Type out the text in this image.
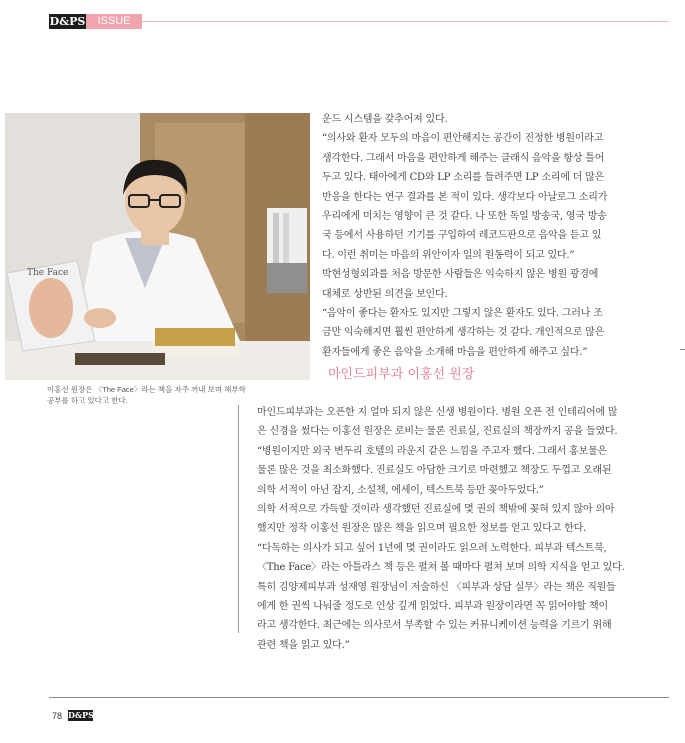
D&PS	ISSUE
The Face
이홍선 원장은 〈The Face〉라는 책을 자주 꺼내 보며 해부학
공부를 하고 있다고 한다.

운드 시스템을 갖추어져 있다.

“의사와 환자 모두의 마음이 편안해지는 공간이 진정한 병원이라고

생각한다. 그래서 마음을 편안하게 해주는 클래식 음악을 항상 틀어

두고 있다. 태아에게 CD와 LP 소리를 들려주면 LP 소리에 더 많은

반응을 한다는 연구 결과를 본 적이 있다. 생각보다 아날로그 소리가

우리에게 미치는 영향이 큰 것 같다. 나 또한 독일 방송국, 영국 방송

국 등에서 사용하던 기기를 구입하여 레코드판으로 음악을 듣고 있

다. 이런 취미는 마음의 위안이자 일의 원동력이 되고 있다.”

박현성형외과를 처음 방문한 사람들은 익숙하지 않은 병원 광경에

대체로 상반된 의견을 보인다.

“음악이 좋다는 환자도 있지만 그렇지 않은 환자도 있다. 그러나 조

금만 익숙해지면 훨씬 편안하게 생각하는 것 같다. 개인적으로 많은

환자들에게 좋은 음악을 소개해 마음을 편안하게 해주고 싶다.”

마인드피부과 이홍선 원장

마인드피부과는 오픈한 지 얼마 되지 않은 신생 병원이다. 병원 오픈 전 인테리어에 많

은 신경을 썼다는 이홍선 원장은 로비는 물론 진료실, 진료실의 책장까지 공을 들였다.

“병원이지만 외국 변두리 호텔의 라운지 같은 느낌을 주고자 했다. 그래서 홍보물은

물론 많은 것을 최소화했다. 진료실도 아담한 크기로 마련했고 책장도 두껍고 오래된

의학 서적이 아닌 잡지, 소설책, 에세이, 텍스트북 등만 꽂아두었다.”

의학 서적으로 가득할 것이라 생각했던 진료실에 몇 권의 책밖에 꽂혀 있지 않아 의아

했지만 정작 이홍선 원장은 많은 책을 읽으며 필요한 정보를 얻고 있다고 한다.

“다독하는 의사가 되고 싶어 1년에 몇 권이라도 읽으려 노력한다. 피부과 텍스트북,

〈The Face〉라는 아틀라스 책 등은 펼쳐 볼 때마다 펼쳐 보며 의학 지식을 얻고 있다.

특히 김양제피부과 성재영 원장님이 저술하신 〈피부과 상담 실무〉라는 책은 직원들

에게 한 권씩 나눠줄 정도로 인상 깊게 읽었다. 피부과 원장이라면 꼭 읽어야할 책이

라고 생각한다. 최근에는 의사로서 부족할 수 있는 커뮤니케이션 능력을 기르기 위해

관련 책을 읽고 있다.”

78 D&PS
